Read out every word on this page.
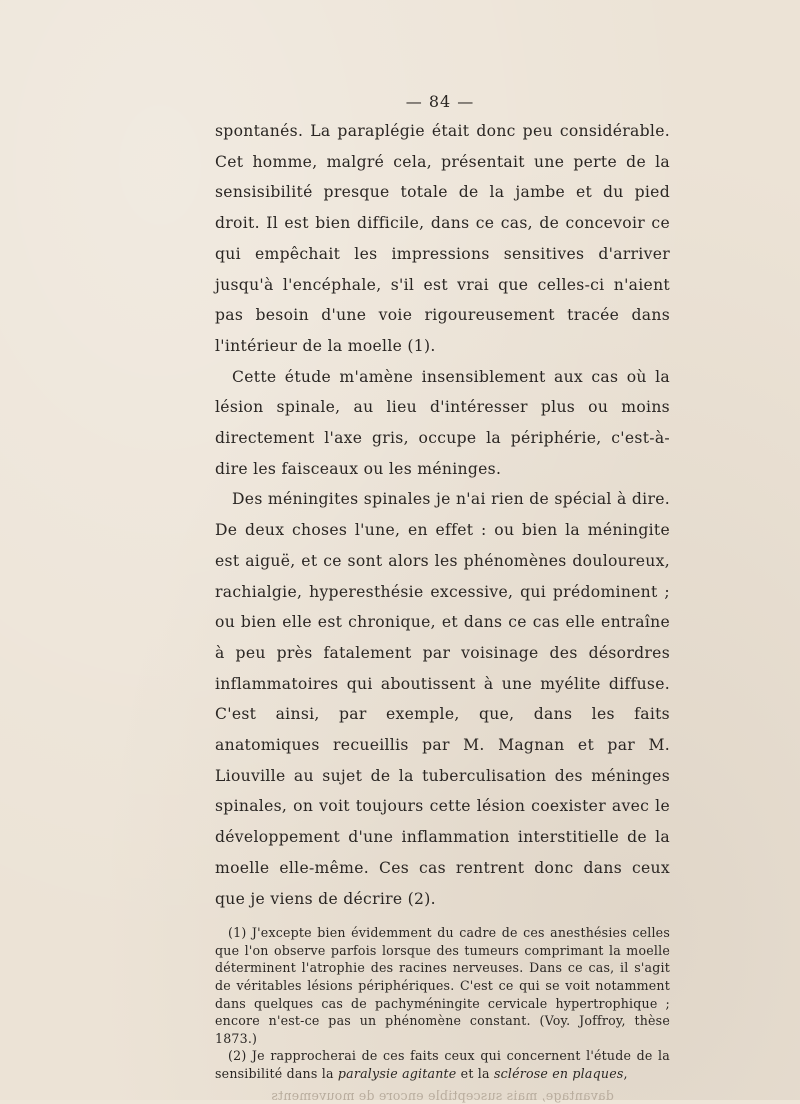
— 84 —

spontanés. La paraplégie était donc peu considérable. Cet homme, malgré cela, présentait une perte de la sensisibilité presque totale de la jambe et du pied droit. Il est bien difficile, dans ce cas, de concevoir ce qui empêchait les impressions sensitives d'arriver jusqu'à l'encéphale, s'il est vrai que celles-ci n'aient pas besoin d'une voie rigoureusement tracée dans l'intérieur de la moelle (1).

Cette étude m'amène insensiblement aux cas où la lésion spinale, au lieu d'intéresser plus ou moins directement l'axe gris, occupe la périphérie, c'est-à-dire les faisceaux ou les méninges.

Des méningites spinales je n'ai rien de spécial à dire. De deux choses l'une, en effet : ou bien la méningite est aiguë, et ce sont alors les phénomènes douloureux, rachialgie, hyperesthésie excessive, qui prédominent ; ou bien elle est chronique, et dans ce cas elle entraîne à peu près fatalement par voisinage des désordres inflammatoires qui aboutissent à une myélite diffuse. C'est ainsi, par exemple, que, dans les faits anatomiques recueillis par M. Magnan et par M. Liouville au sujet de la tuberculisation des méninges spinales, on voit toujours cette lésion coexister avec le développement d'une inflammation interstitielle de la moelle elle-même. Ces cas rentrent donc dans ceux que je viens de décrire (2).

(1) J'excepte bien évidemment du cadre de ces anesthésies celles que l'on observe parfois lorsque des tumeurs comprimant la moelle déterminent l'atrophie des racines nerveuses. Dans ce cas, il s'agit de véritables lésions périphériques. C'est ce qui se voit notamment dans quelques cas de pachyméningite cervicale hypertrophique ; encore n'est-ce pas un phénomène constant. (Voy. Joffroy, thèse 1873.)

(2) Je rapprocherai de ces faits ceux qui concernent l'étude de la sensibilité dans la paralysie agitante et la sclérose en plaques,

davantage, mais susceptible encore de mouvements
